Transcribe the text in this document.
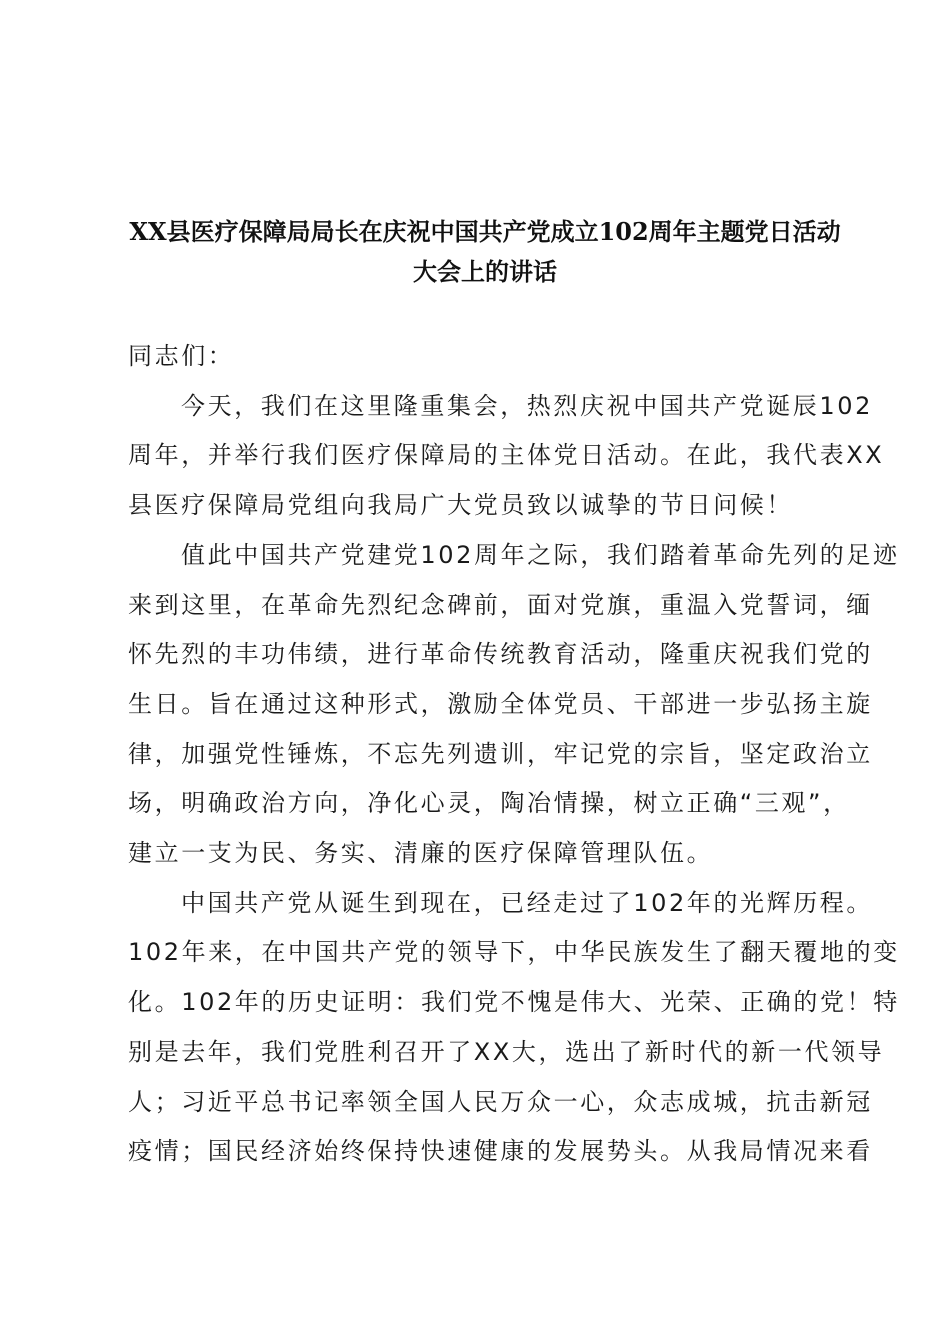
XX县医疗保障局局长在庆祝中国共产党成立102周年主题党日活动
大会上的讲话
同志们：
今天，我们在这里隆重集会，热烈庆祝中国共产党诞辰102
周年，并举行我们医疗保障局的主体党日活动。在此，我代表XX
县医疗保障局党组向我局广大党员致以诚挚的节日问候！
值此中国共产党建党102周年之际，我们踏着革命先列的足迹
来到这里，在革命先烈纪念碑前，面对党旗，重温入党誓词，缅
怀先烈的丰功伟绩，进行革命传统教育活动，隆重庆祝我们党的
生日。旨在通过这种形式，激励全体党员、干部进一步弘扬主旋
律，加强党性锤炼，不忘先列遗训，牢记党的宗旨，坚定政治立
场，明确政治方向，净化心灵，陶冶情操，树立正确“三观”，
建立一支为民、务实、清廉的医疗保障管理队伍。
中国共产党从诞生到现在，已经走过了102年的光辉历程。
102年来，在中国共产党的领导下，中华民族发生了翻天覆地的变
化。102年的历史证明：我们党不愧是伟大、光荣、正确的党！特
别是去年，我们党胜利召开了XX大，选出了新时代的新一代领导
人；习近平总书记率领全国人民万众一心，众志成城，抗击新冠
疫情；国民经济始终保持快速健康的发展势头。从我局情况来看
